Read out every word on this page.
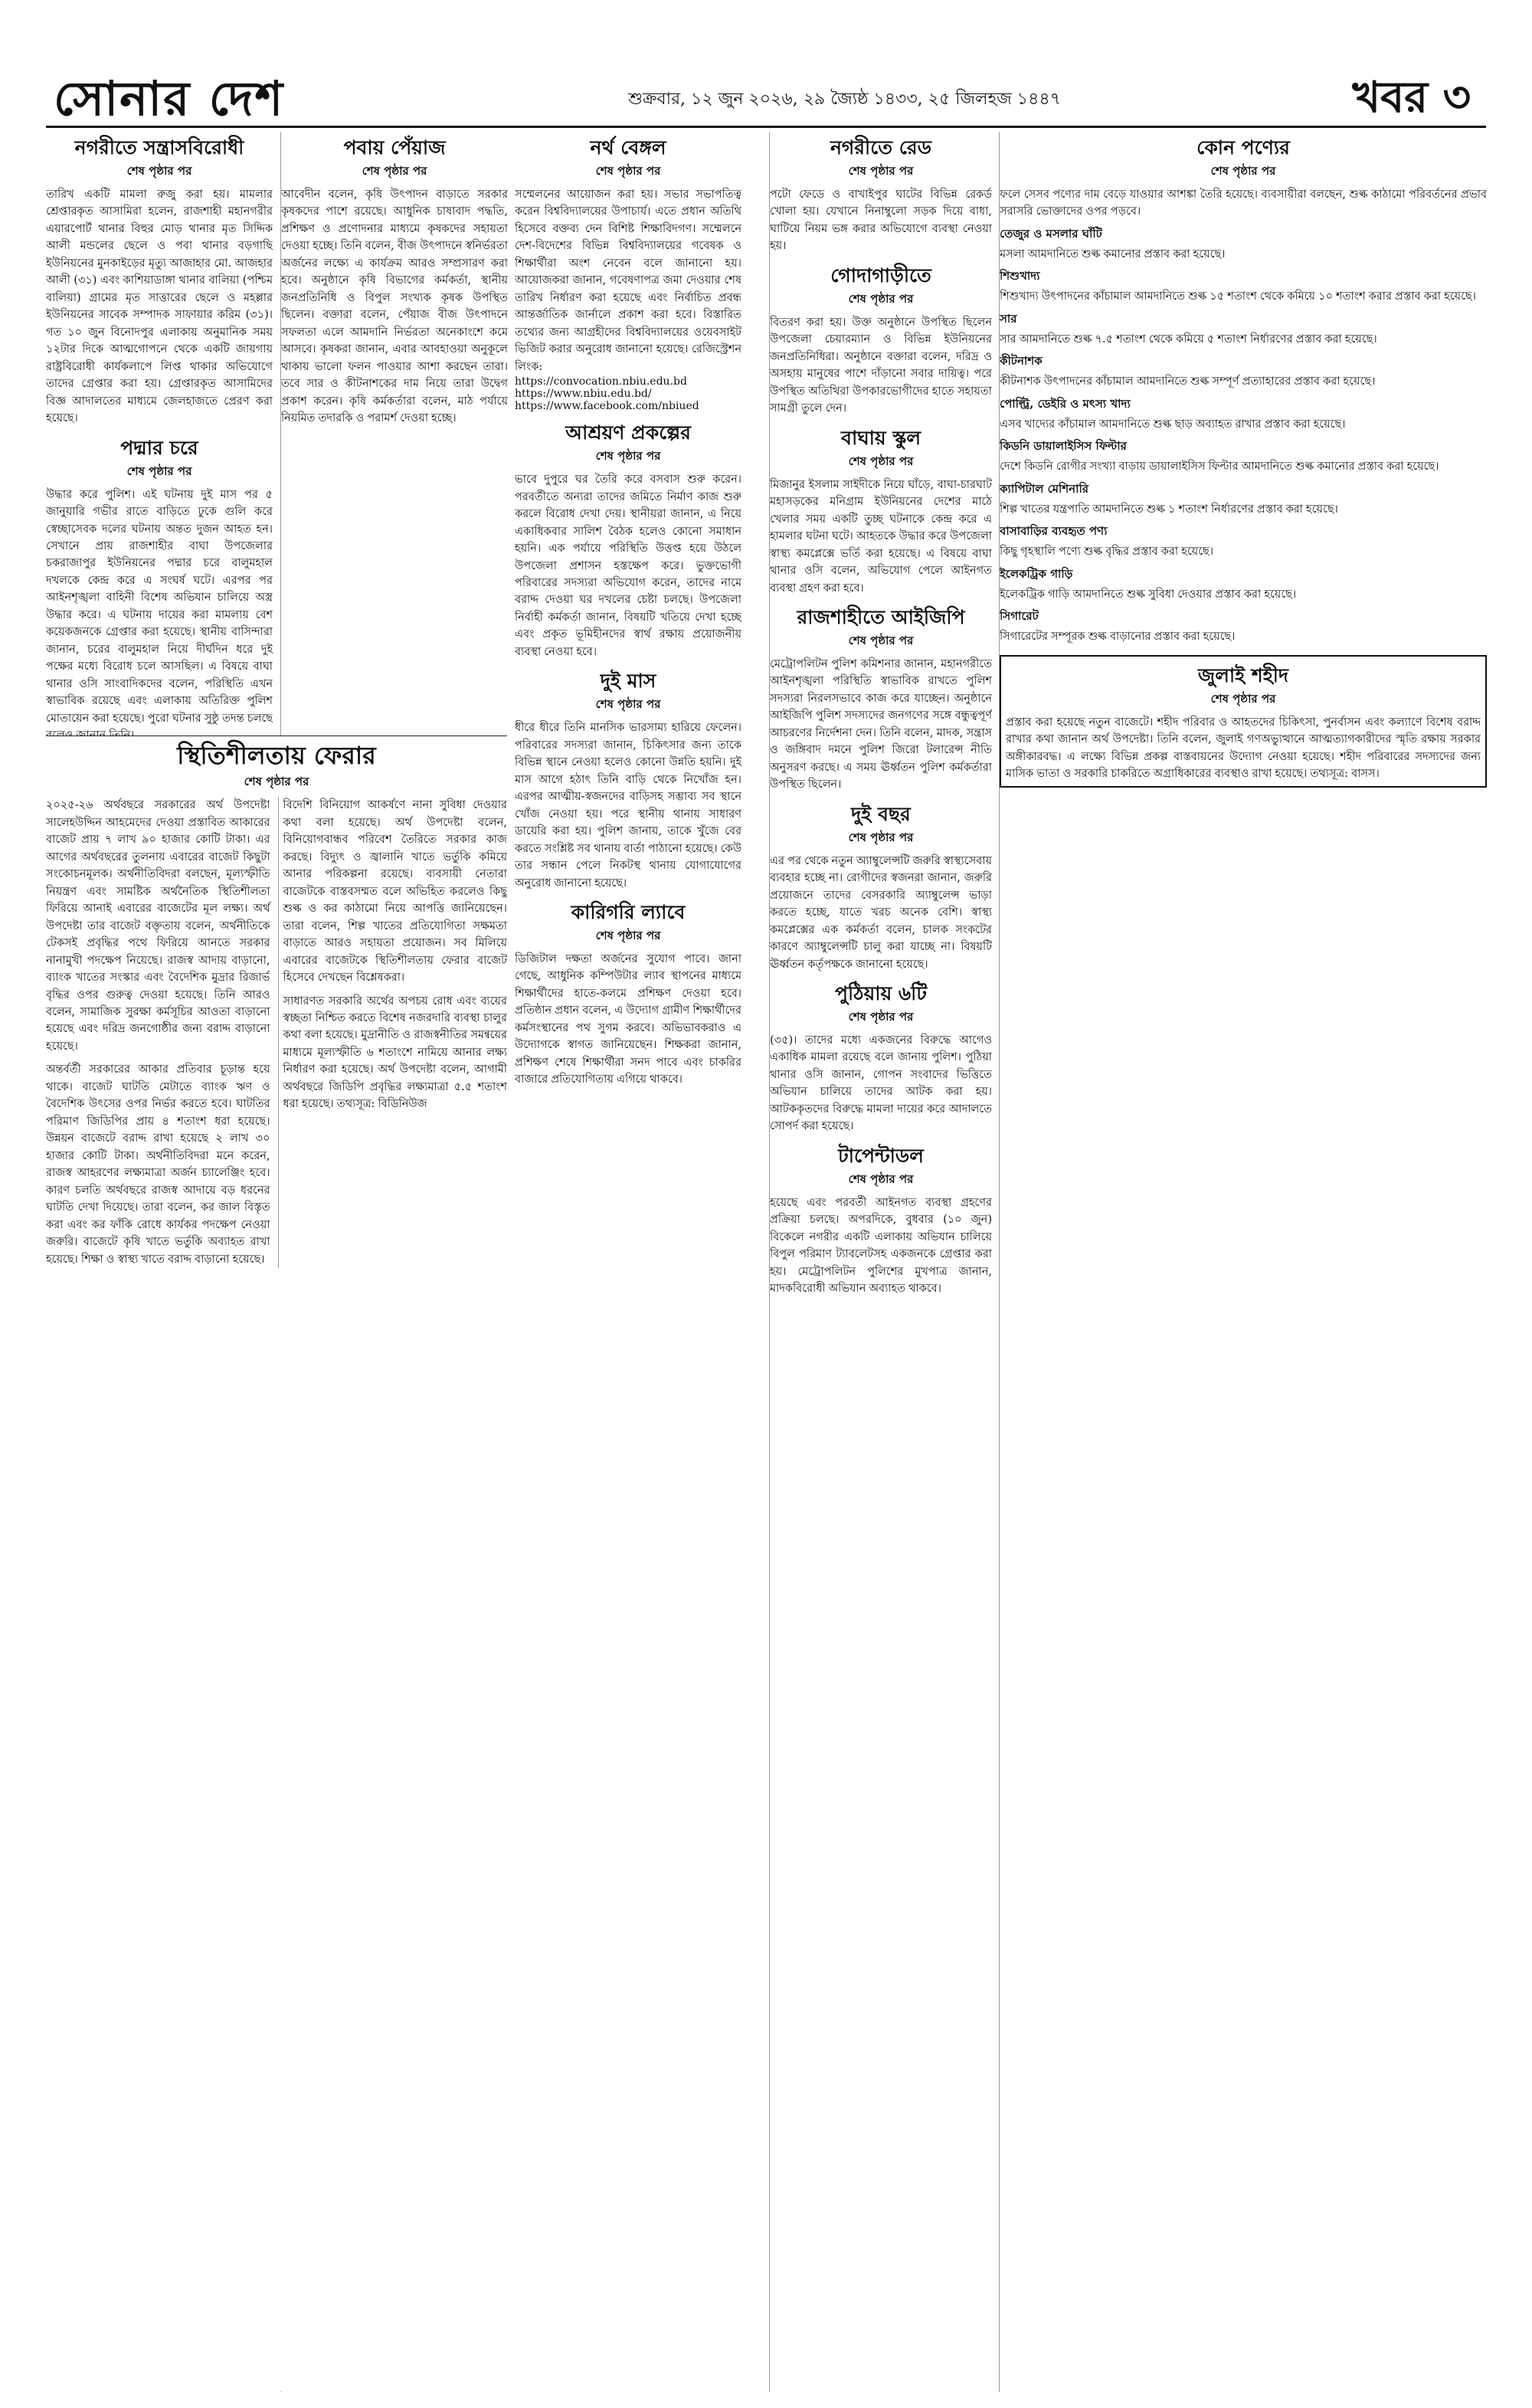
সোনার দেশ	শুক্রবার, ১২ জুন ২০২৬, ২৯ জ্যৈষ্ঠ ১৪৩৩, ২৫ জিলহজ ১৪৪৭	খবর ৩
নগরীতে সন্ত্রাসবিরোধী
শেষ পৃষ্ঠার পর
তারিখ একটি মামলা রুজু করা হয়। মামলার শ্রেপ্তারকৃত আসামিরা হলেন, রাজশাহী মহানগরীর এয়ারপোর্ট থানার বিহুর মোড় থানার মৃত সিদ্দিক আলী মন্ডলের ছেলে ও পবা থানার বড়গাছি ইউনিয়নের মুনকাইড়ের মৃত্যু আজাহার মো. আজহার আলী (৩১) এবং কাশিয়াডাঙ্গা থানার বালিয়া (পশ্চিম বালিয়া) গ্রামের মৃত সাত্তারের ছেলে ও মহল্লার ইউনিয়নের সাবেক সম্পাদক সাফায়ার করিম (৩১)। গত ১০ জুন বিনোদপুর এলাকায় অনুমানিক সময় ১২টার দিকে আত্মগোপনে থেকে একটি জায়গায় রাষ্ট্রবিরোধী কার্যকলাপে লিপ্ত থাকার অভিযোগে তাদের গ্রেপ্তার করা হয়। গ্রেপ্তারকৃত আসামিদের বিজ্ঞ আদালতের মাধ্যমে জেলহাজতে প্রেরণ করা হয়েছে।
পদ্মার চরে
শেষ পৃষ্ঠার পর
উদ্ধার করে পুলিশ। এই ঘটনায় দুই মাস পর ৫ জানুয়ারি গভীর রাতে বাড়িতে ঢুকে গুলি করে স্বেচ্ছাসেবক দলের ঘটনায় অন্তত দুজন আহত হন। সেখানে প্রায় রাজশাহীর বাঘা উপজেলার চকরাজাপুর ইউনিয়নের পদ্মার চরে বালুমহাল দখলকে কেন্দ্র করে এ সংঘর্ষ ঘটে। এরপর পর আইনশৃঙ্খলা বাহিনী বিশেষ অভিযান চালিয়ে অস্ত্র উদ্ধার করে। এ ঘটনায় দায়ের করা মামলায় বেশ কয়েকজনকে গ্রেপ্তার করা হয়েছে। স্থানীয় বাসিন্দারা জানান, চরের বালুমহাল নিয়ে দীর্ঘদিন ধরে দুই পক্ষের মধ্যে বিরোধ চলে আসছিল। এ বিষয়ে বাঘা থানার ওসি সাংবাদিকদের বলেন, পরিস্থিতি এখন স্বাভাবিক রয়েছে এবং এলাকায় অতিরিক্ত পুলিশ মোতায়েন করা হয়েছে। পুরো ঘটনার সুষ্ঠু তদন্ত চলছে
পবায় পেঁয়াজ
শেষ পৃষ্ঠার পর
আবেদীন বলেন, কৃষি উৎপাদন বাড়াতে সরকার কৃষকদের পাশে রয়েছে। আধুনিক চাষাবাদ পদ্ধতি, প্রশিক্ষণ ও প্রণোদনার মাধ্যমে কৃষকদের সহায়তা দেওয়া হচ্ছে। তিনি বলেন, বীজ উৎপাদনে স্বনির্ভরতা অর্জনের লক্ষ্যে এ কার্যক্রম আরও সম্প্রসারণ করা হবে। অনুষ্ঠানে কৃষি বিভাগের কর্মকর্তা, স্থানীয় জনপ্রতিনিধি ও বিপুল সংখ্যক কৃষক উপস্থিত ছিলেন। বক্তারা বলেন, পেঁয়াজ বীজ উৎপাদনে সফলতা এলে আমদানি নির্ভরতা অনেকাংশে কমে আসবে। কৃষকরা জানান, এবার আবহাওয়া অনুকূলে থাকায় ভালো ফলন পাওয়ার আশা করছেন তারা। তবে সার ও কীটনাশকের দাম নিয়ে তারা উদ্বেগ প্রকাশ করেন। কৃষি কর্মকর্তারা বলেন, মাঠ পর্যায়ে নিয়মিত তদারকি ও পরামর্শ দেওয়া হচ্ছে।
স্থিতিশীলতায় ফেরার
শেষ পৃষ্ঠার পর
২০২৫-২৬ অর্থবছরে সরকারের অর্থ উপদেষ্টা সালেহউদ্দিন আহমেদের দেওয়া প্রস্তাবিত আকারের বাজেট প্রায় ৭ লাখ ৯০ হাজার কোটি টাকা। এর আগের অর্থবছরের তুলনায় এবারের বাজেট কিছুটা সংকোচনমূলক। অর্থনীতিবিদরা বলছেন, মূল্যস্ফীতি নিয়ন্ত্রণ এবং সামষ্টিক অর্থনৈতিক স্থিতিশীলতা ফিরিয়ে আনাই এবারের বাজেটের মূল লক্ষ্য। অর্থ উপদেষ্টা তার বাজেট বক্তৃতায় বলেন, অর্থনীতিকে টেকসই প্রবৃদ্ধির পথে ফিরিয়ে আনতে সরকার নানামুখী পদক্ষেপ নিয়েছে। রাজস্ব আদায় বাড়ানো, ব্যাংক খাতের সংস্কার এবং বৈদেশিক মুদ্রার রিজার্ভ বৃদ্ধির ওপর গুরুত্ব দেওয়া হয়েছে। তিনি আরও বলেন, সামাজিক সুরক্ষা কর্মসূচির আওতা বাড়ানো হয়েছে এবং দরিদ্র জনগোষ্ঠীর জন্য বরাদ্দ বাড়ানো হয়েছে।
অন্তর্বর্তী সরকারের আকার প্রতিবার চূড়ান্ত হয়ে থাকে। বাজেট ঘাটতি মেটাতে ব্যাংক ঋণ ও বৈদেশিক উৎসের ওপর নির্ভর করতে হবে। ঘাটতির পরিমাণ জিডিপির প্রায় ৪ শতাংশ ধরা হয়েছে। উন্নয়ন বাজেটে বরাদ্দ রাখা হয়েছে ২ লাখ ৩০ হাজার কোটি টাকা। অর্থনীতিবিদরা মনে করেন, রাজস্ব আহরণের লক্ষ্যমাত্রা অর্জন চ্যালেঞ্জিং হবে। কারণ চলতি অর্থবছরে রাজস্ব আদায়ে বড় ধরনের ঘাটতি দেখা দিয়েছে। তারা বলেন, কর জাল বিস্তৃত করা এবং কর ফাঁকি রোধে কার্যকর পদক্ষেপ নেওয়া জরুরি। বাজেটে কৃষি খাতে ভর্তুকি অব্যাহত রাখা হয়েছে। শিক্ষা ও স্বাস্থ্য খাতে বরাদ্দ বাড়ানো হয়েছে।
বিদেশি বিনিয়োগ আকর্ষণে নানা সুবিধা দেওয়ার কথা বলা হয়েছে। অর্থ উপদেষ্টা বলেন, বিনিয়োগবান্ধব পরিবেশ তৈরিতে সরকার কাজ করছে। বিদ্যুৎ ও জ্বালানি খাতে ভর্তুকি কমিয়ে আনার পরিকল্পনা রয়েছে। ব্যবসায়ী নেতারা বাজেটকে বাস্তবসম্মত বলে অভিহিত করলেও কিছু শুল্ক ও কর কাঠামো নিয়ে আপত্তি জানিয়েছেন। তারা বলেন, শিল্প খাতের প্রতিযোগিতা সক্ষমতা বাড়াতে আরও সহায়তা প্রয়োজন। সব মিলিয়ে এবারের বাজেটকে স্থিতিশীলতায় ফেরার বাজেট হিসেবে দেখছেন বিশ্লেষকরা।
সাধারণত সরকারি অর্থের অপচয় রোধ এবং ব্যয়ের স্বচ্ছতা নিশ্চিত করতে বিশেষ নজরদারি ব্যবস্থা চালুর কথা বলা হয়েছে। মুদ্রানীতি ও রাজস্বনীতির সমন্বয়ের মাধ্যমে মূল্যস্ফীতি ৬ শতাংশে নামিয়ে আনার লক্ষ্য নির্ধারণ করা হয়েছে। অর্থ উপদেষ্টা বলেন, আগামী অর্থবছরে জিডিপি প্রবৃদ্ধির লক্ষ্যমাত্রা ৫.৫ শতাংশ ধরা হয়েছে। তথ্যসূত্র: বিডিনিউজ
নর্থ বেঙ্গল
শেষ পৃষ্ঠার পর
সম্মেলনের আয়োজন করা হয়। সভার সভাপতিত্ব করেন বিশ্ববিদ্যালয়ের উপাচার্য। এতে প্রধান অতিথি হিসেবে বক্তব্য দেন বিশিষ্ট শিক্ষাবিদগণ। সম্মেলনে দেশ-বিদেশের বিভিন্ন বিশ্ববিদ্যালয়ের গবেষক ও শিক্ষার্থীরা অংশ নেবেন বলে জানানো হয়। আয়োজকরা জানান, গবেষণাপত্র জমা দেওয়ার শেষ তারিখ নির্ধারণ করা হয়েছে এবং নির্বাচিত প্রবন্ধ আন্তর্জাতিক জার্নালে প্রকাশ করা হবে। বিস্তারিত তথ্যের জন্য আগ্রহীদের বিশ্ববিদ্যালয়ের ওয়েবসাইট ভিজিট করার অনুরোধ জানানো হয়েছে। রেজিস্ট্রেশন লিংক:
https://convocation.nbiu.edu.bd
https://www.nbiu.edu.bd/
https://www.facebook.com/nbiued
আশ্রয়ণ প্রকল্পের
শেষ পৃষ্ঠার পর
ভাবে দুপুরে ঘর তৈরি করে বসবাস শুরু করেন। পরবর্তীতে অন্যরা তাদের জমিতে নির্মাণ কাজ শুরু করলে বিরোধ দেখা দেয়। স্থানীয়রা জানান, এ নিয়ে একাধিকবার সালিশ বৈঠক হলেও কোনো সমাধান হয়নি। এক পর্যায়ে পরিস্থিতি উত্তপ্ত হয়ে উঠলে উপজেলা প্রশাসন হস্তক্ষেপ করে। ভুক্তভোগী পরিবারের সদস্যরা অভিযোগ করেন, তাদের নামে বরাদ্দ দেওয়া ঘর দখলের চেষ্টা চলছে। উপজেলা নির্বাহী কর্মকর্তা জানান, বিষয়টি খতিয়ে দেখা হচ্ছে এবং প্রকৃত ভূমিহীনদের স্বার্থ রক্ষায় প্রয়োজনীয় ব্যবস্থা নেওয়া হবে।
দুই মাস
শেষ পৃষ্ঠার পর
ধীরে ধীরে তিনি মানসিক ভারসাম্য হারিয়ে ফেলেন। পরিবারের সদস্যরা জানান, চিকিৎসার জন্য তাকে বিভিন্ন স্থানে নেওয়া হলেও কোনো উন্নতি হয়নি। দুই মাস আগে হঠাৎ তিনি বাড়ি থেকে নিখোঁজ হন। এরপর আত্মীয়-স্বজনদের বাড়িসহ সম্ভাব্য সব স্থানে খোঁজ নেওয়া হয়। পরে স্থানীয় থানায় সাধারণ ডায়েরি করা হয়। পুলিশ জানায়, তাকে খুঁজে বের করতে সংশ্লিষ্ট সব থানায় বার্তা পাঠানো হয়েছে। কেউ তার সন্ধান পেলে নিকটস্থ থানায় যোগাযোগের অনুরোধ জানানো হয়েছে।
কারিগরি ল্যাবে
শেষ পৃষ্ঠার পর
ডিজিটাল দক্ষতা অর্জনের সুযোগ পাবে। জানা গেছে, আধুনিক কম্পিউটার ল্যাব স্থাপনের মাধ্যমে শিক্ষার্থীদের হাতে-কলমে প্রশিক্ষণ দেওয়া হবে। প্রতিষ্ঠান প্রধান বলেন, এ উদ্যোগ গ্রামীণ শিক্ষার্থীদের কর্মসংস্থানের পথ সুগম করবে। অভিভাবকরাও এ উদ্যোগকে স্বাগত জানিয়েছেন। শিক্ষকরা জানান, প্রশিক্ষণ শেষে শিক্ষার্থীরা সনদ পাবে এবং চাকরির বাজারে প্রতিযোগিতায় এগিয়ে থাকবে।
নগরীতে রেড
শেষ পৃষ্ঠার পর
পটো ফেডে ও বাখাইপুর ঘাটের বিভিন্ন রেকর্ড খোলা হয়। যেখানে নিনাম্বুলো সড়ক দিয়ে বাধা, ঘাটিয়ে নিয়ম ভঙ্গ করার অভিযোগে ব্যবস্থা নেওয়া হয়।
গোদাগাড়ীতে
শেষ পৃষ্ঠার পর
বিতরণ করা হয়। উক্ত অনুষ্ঠানে উপস্থিত ছিলেন উপজেলা চেয়ারম্যান ও বিভিন্ন ইউনিয়নের জনপ্রতিনিধিরা। অনুষ্ঠানে বক্তারা বলেন, দরিদ্র ও অসহায় মানুষের পাশে দাঁড়ানো সবার দায়িত্ব। পরে উপস্থিত অতিথিরা উপকারভোগীদের হাতে সহায়তা সামগ্রী তুলে দেন।
বাঘায় স্কুল
শেষ পৃষ্ঠার পর
মিজানুর ইসলাম সাইদীকে নিয়ে ঘাঁড়ে, বাঘা-চারঘাট মহাসড়কের মনিগ্রাম ইউনিয়নের দেশের মাঠে খেলার সময় একটি তুচ্ছ ঘটনাকে কেন্দ্র করে এ হামলার ঘটনা ঘটে। আহতকে উদ্ধার করে উপজেলা স্বাস্থ্য কমপ্লেক্সে ভর্তি করা হয়েছে। এ বিষয়ে বাঘা থানার ওসি বলেন, অভিযোগ পেলে আইনগত ব্যবস্থা গ্রহণ করা হবে।
রাজশাহীতে আইজিপি
শেষ পৃষ্ঠার পর
মেট্রোপলিটন পুলিশ কমিশনার জানান, মহানগরীতে আইনশৃঙ্খলা পরিস্থিতি স্বাভাবিক রাখতে পুলিশ সদস্যরা নিরলসভাবে কাজ করে যাচ্ছেন। অনুষ্ঠানে আইজিপি পুলিশ সদস্যদের জনগণের সঙ্গে বন্ধুত্বপূর্ণ আচরণের নির্দেশনা দেন। তিনি বলেন, মাদক, সন্ত্রাস ও জঙ্গিবাদ দমনে পুলিশ জিরো টলারেন্স নীতি অনুসরণ করছে। এ সময় ঊর্ধ্বতন পুলিশ কর্মকর্তারা উপস্থিত ছিলেন।
দুই বছর
শেষ পৃষ্ঠার পর
এর পর থেকে নতুন অ্যাম্বুলেন্সটি জরুরি স্বাস্থ্যসেবায় ব্যবহার হচ্ছে না। রোগীদের স্বজনরা জানান, জরুরি প্রয়োজনে তাদের বেসরকারি অ্যাম্বুলেন্স ভাড়া করতে হচ্ছে, যাতে খরচ অনেক বেশি। স্বাস্থ্য কমপ্লেক্সের এক কর্মকর্তা বলেন, চালক সংকটের কারণে অ্যাম্বুলেন্সটি চালু করা যাচ্ছে না। বিষয়টি ঊর্ধ্বতন কর্তৃপক্ষকে জানানো হয়েছে।
পুঠিয়ায় ৬টি
শেষ পৃষ্ঠার পর
(৩৫)। তাদের মধ্যে একজনের বিরুদ্ধে আগেও একাধিক মামলা রয়েছে বলে জানায় পুলিশ। পুঠিয়া থানার ওসি জানান, গোপন সংবাদের ভিত্তিতে অভিযান চালিয়ে তাদের আটক করা হয়। আটককৃতদের বিরুদ্ধে মামলা দায়ের করে আদালতে সোপর্দ করা হয়েছে।
টাপেন্টাডল
শেষ পৃষ্ঠার পর
হয়েছে এবং পরবর্তী আইনগত ব্যবস্থা গ্রহণের প্রক্রিয়া চলছে। অপরদিকে, বুধবার (১০ জুন) বিকেলে নগরীর একটি এলাকায় অভিযান চালিয়ে বিপুল পরিমাণ ট্যাবলেটসহ একজনকে গ্রেপ্তার করা হয়। মেট্রোপলিটন পুলিশের মুখপাত্র জানান, মাদকবিরোধী অভিযান অব্যাহত থাকবে।
কোন পণ্যের
শেষ পৃষ্ঠার পর
ফলে সেসব পণ্যের দাম বেড়ে যাওয়ার আশঙ্কা তৈরি হয়েছে। ব্যবসায়ীরা বলছেন, শুল্ক কাঠামো পরিবর্তনের প্রভাব সরাসরি ভোক্তাদের ওপর পড়বে।
তেজুর ও মসলার ঘাঁটি
মসলা আমদানিতে শুল্ক কমানোর প্রস্তাব করা হয়েছে।
শিশুখাদ্য
শিশুখাদ্য উৎপাদনের কাঁচামাল আমদানিতে শুল্ক ১৫ শতাংশ থেকে কমিয়ে ১০ শতাংশ করার প্রস্তাব করা হয়েছে।
সার
সার আমদানিতে শুল্ক ৭.৫ শতাংশ থেকে কমিয়ে ৫ শতাংশ নির্ধারণের প্রস্তাব করা হয়েছে।
কীটনাশক
কীটনাশক উৎপাদনের কাঁচামাল আমদানিতে শুল্ক সম্পূর্ণ প্রত্যাহারের প্রস্তাব করা হয়েছে।
পোল্ট্রি, ডেইরি ও মৎস্য খাদ্য
এসব খাদ্যের কাঁচামাল আমদানিতে শুল্ক ছাড় অব্যাহত রাখার প্রস্তাব করা হয়েছে।
কিডনি ডায়ালাইসিস ফিল্টার
দেশে কিডনি রোগীর সংখ্যা বাড়ায় ডায়ালাইসিস ফিল্টার আমদানিতে শুল্ক কমানোর প্রস্তাব করা হয়েছে।
ক্যাপিটাল মেশিনারি
শিল্প খাতের যন্ত্রপাতি আমদানিতে শুল্ক ১ শতাংশ নির্ধারণের প্রস্তাব করা হয়েছে।
বাসাবাড়ির ব্যবহৃত পণ্য
কিছু গৃহস্থালি পণ্যে শুল্ক বৃদ্ধির প্রস্তাব করা হয়েছে।
ইলেকট্রিক গাড়ি
ইলেকট্রিক গাড়ি আমদানিতে শুল্ক সুবিধা দেওয়ার প্রস্তাব করা হয়েছে।
সিগারেট
সিগারেটের সম্পূরক শুল্ক বাড়ানোর প্রস্তাব করা হয়েছে।
জুলাই শহীদ
শেষ পৃষ্ঠার পর
প্রস্তাব করা হয়েছে নতুন বাজেটে। শহীদ পরিবার ও আহতদের চিকিৎসা, পুনর্বাসন এবং কল্যাণে বিশেষ বরাদ্দ রাখার কথা জানান অর্থ উপদেষ্টা। তিনি বলেন, জুলাই গণঅভ্যুত্থানে আত্মত্যাগকারীদের স্মৃতি রক্ষায় সরকার অঙ্গীকারবদ্ধ। এ লক্ষ্যে বিভিন্ন প্রকল্প বাস্তবায়নের উদ্যোগ নেওয়া হয়েছে। শহীদ পরিবারের সদস্যদের জন্য মাসিক ভাতা ও সরকারি চাকরিতে অগ্রাধিকারের ব্যবস্থাও রাখা হয়েছে। তথ্যসূত্র: বাসস।
